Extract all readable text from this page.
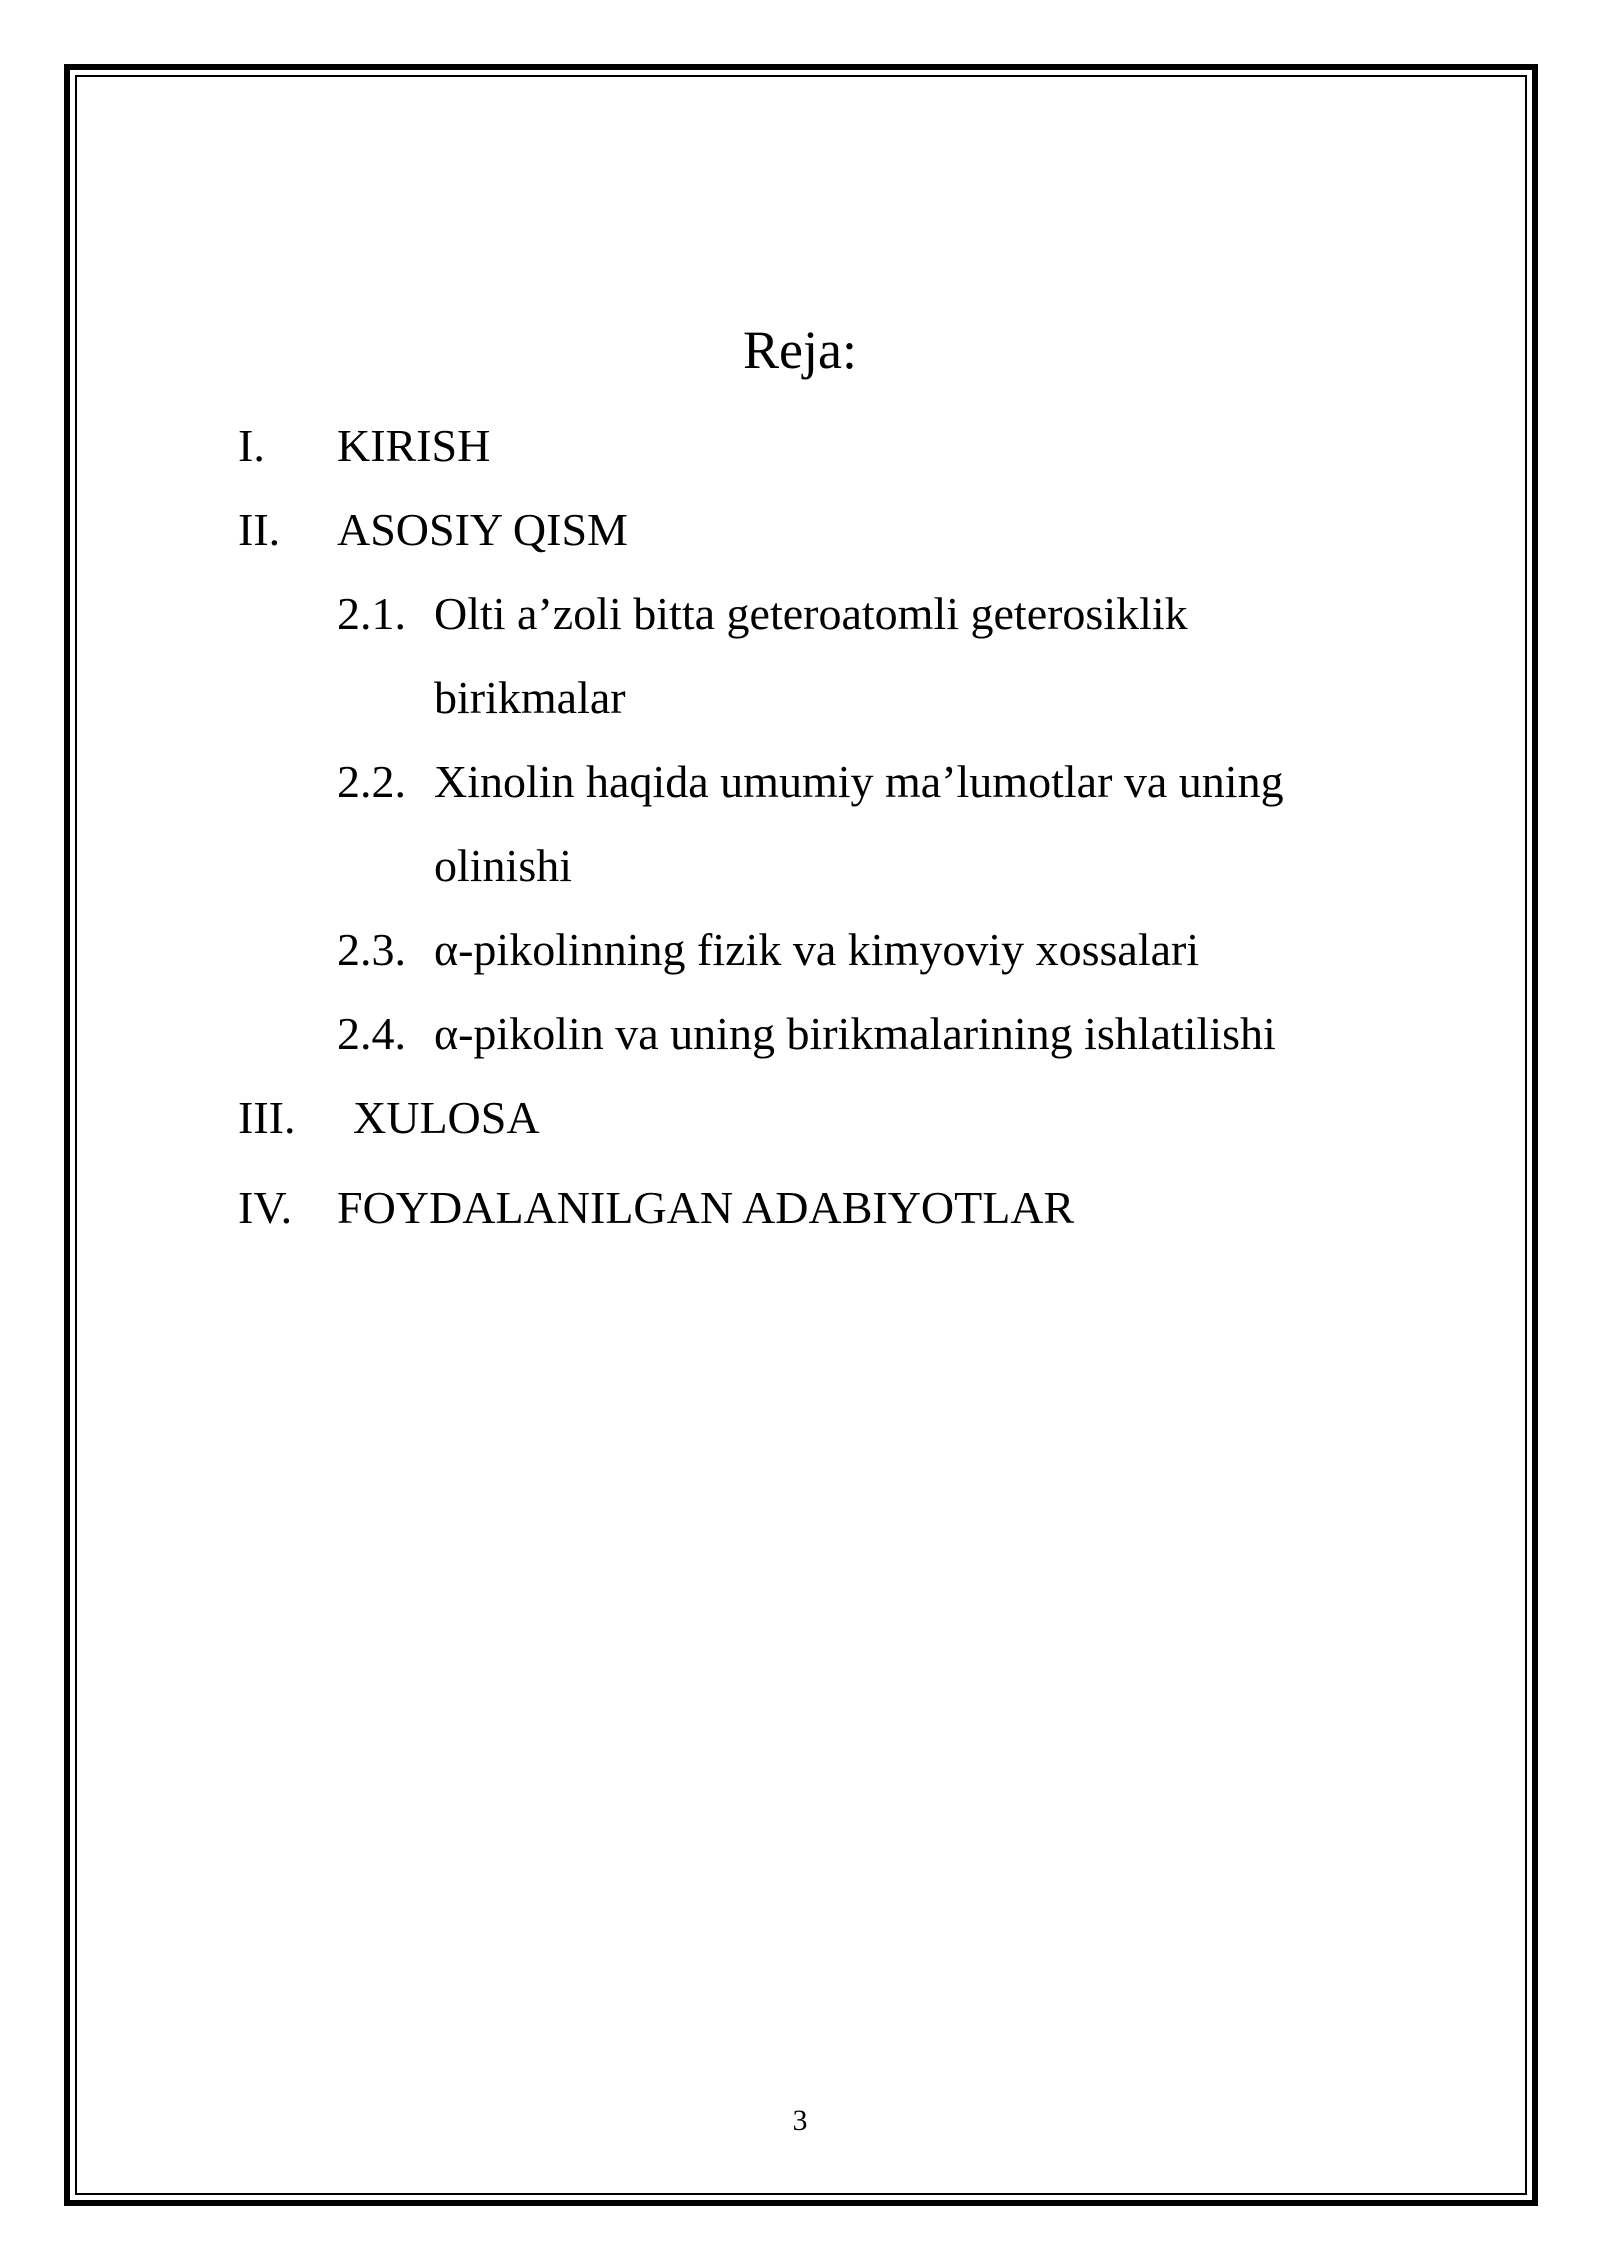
Reja:
I. KIRISH
II. ASOSIY QISM
2.1. Olti a’zoli bitta geteroatomli geterosiklik
birikmalar
2.2. Xinolin haqida umumiy ma’lumotlar va uning
olinishi
2.3. α-pikolinning fizik va kimyoviy xossalari
2.4. α-pikolin va uning birikmalarining ishlatilishi
III. XULOSA
IV. FOYDALANILGAN ADABIYOTLAR
3
